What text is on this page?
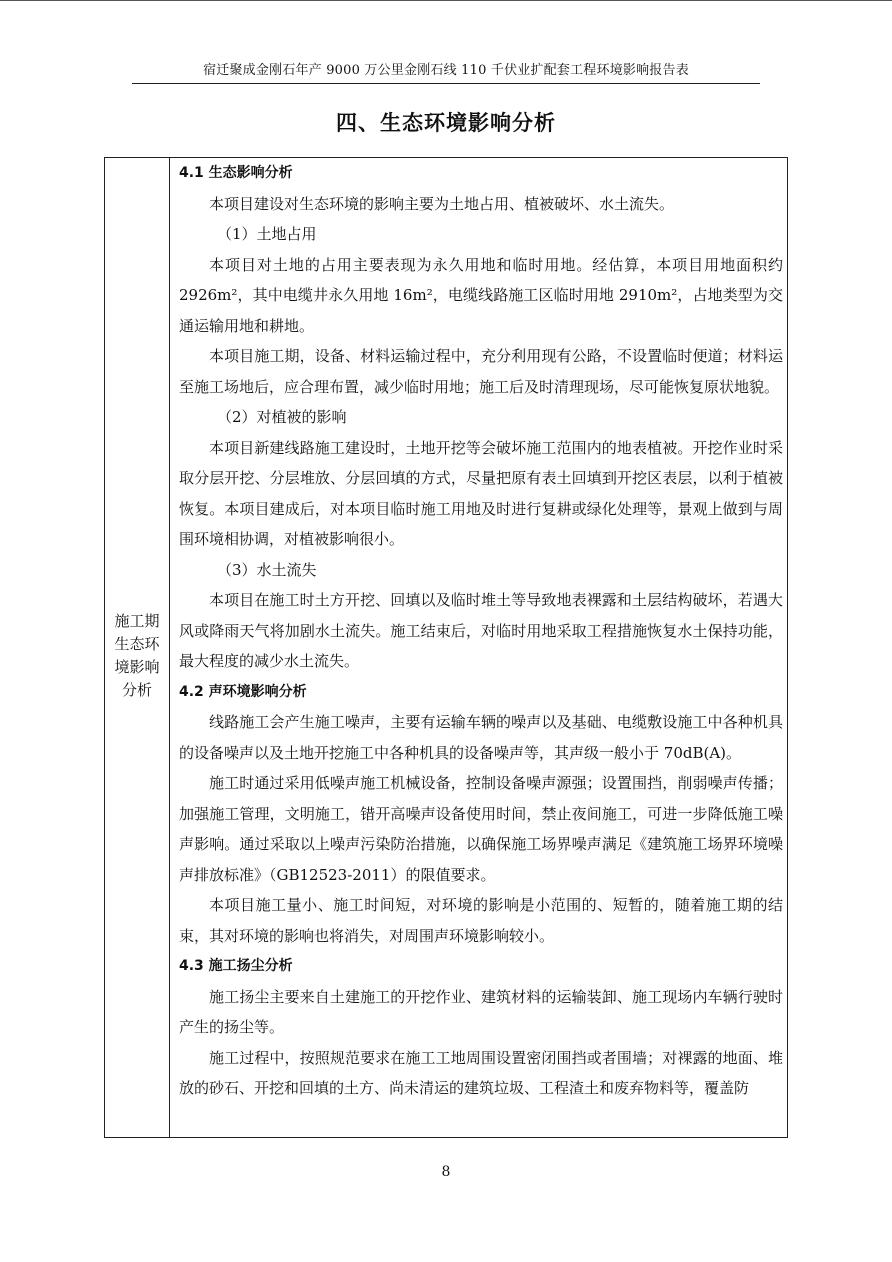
宿迁聚成金刚石年产 9000 万公里金刚石线 110 千伏业扩配套工程环境影响报告表
四、生态环境影响分析
施工期生态环境影响分析

4.1 生态影响分析

本项目建设对生态环境的影响主要为土地占用、植被破坏、水土流失。

（1）土地占用

本项目对土地的占用主要表现为永久用地和临时用地。经估算，本项目用地面积约 2926m²，其中电缆井永久用地 16m²，电缆线路施工区临时用地 2910m²，占地类型为交通运输用地和耕地。

本项目施工期，设备、材料运输过程中，充分利用现有公路，不设置临时便道；材料运至施工场地后，应合理布置，减少临时用地；施工后及时清理现场，尽可能恢复原状地貌。

（2）对植被的影响

本项目新建线路施工建设时，土地开挖等会破坏施工范围内的地表植被。开挖作业时采取分层开挖、分层堆放、分层回填的方式，尽量把原有表土回填到开挖区表层，以利于植被恢复。本项目建成后，对本项目临时施工用地及时进行复耕或绿化处理等，景观上做到与周围环境相协调，对植被影响很小。

（3）水土流失

本项目在施工时土方开挖、回填以及临时堆土等导致地表裸露和土层结构破坏，若遇大风或降雨天气将加剧水土流失。施工结束后，对临时用地采取工程措施恢复水土保持功能，最大程度的减少水土流失。

4.2 声环境影响分析

线路施工会产生施工噪声，主要有运输车辆的噪声以及基础、电缆敷设施工中各种机具的设备噪声以及土地开挖施工中各种机具的设备噪声等，其声级一般小于 70dB(A)。

施工时通过采用低噪声施工机械设备，控制设备噪声源强；设置围挡，削弱噪声传播；加强施工管理，文明施工，错开高噪声设备使用时间，禁止夜间施工，可进一步降低施工噪声影响。通过采取以上噪声污染防治措施，以确保施工场界噪声满足《建筑施工场界环境噪声排放标准》（GB12523-2011）的限值要求。

本项目施工量小、施工时间短，对环境的影响是小范围的、短暂的，随着施工期的结束，其对环境的影响也将消失，对周围声环境影响较小。

4.3 施工扬尘分析

施工扬尘主要来自土建施工的开挖作业、建筑材料的运输装卸、施工现场内车辆行驶时产生的扬尘等。

施工过程中，按照规范要求在施工工地周围设置密闭围挡或者围墙；对裸露的地面、堆放的砂石、开挖和回填的土方、尚未清运的建筑垃圾、工程渣土和废弃物料等，覆盖防

8
